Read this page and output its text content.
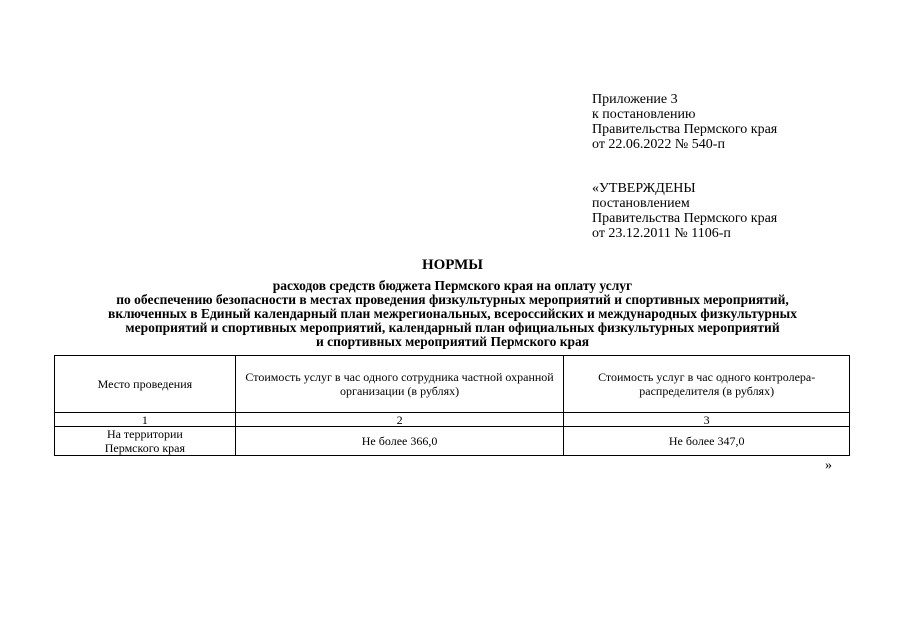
Приложение 3
к постановлению
Правительства Пермского края
от 22.06.2022 № 540-п
«УТВЕРЖДЕНЫ
постановлением
Правительства Пермского края
от 23.12.2011 № 1106-п
НОРМЫ
расходов средств бюджета Пермского края на оплату услуг
по обеспечению безопасности в местах проведения физкультурных мероприятий и спортивных мероприятий,
включенных в Единый календарный план межрегиональных, всероссийских и международных физкультурных
мероприятий и спортивных мероприятий, календарный план официальных физкультурных мероприятий
и спортивных мероприятий Пермского края
Место проведения	Стоимость услуг в час одного сотрудника частной охранной организации (в рублях)	Стоимость услуг в час одного контролера-распределителя (в рублях)
1	2	3

На территории
Пермского края	Не более 366,0	Не более 347,0
»
